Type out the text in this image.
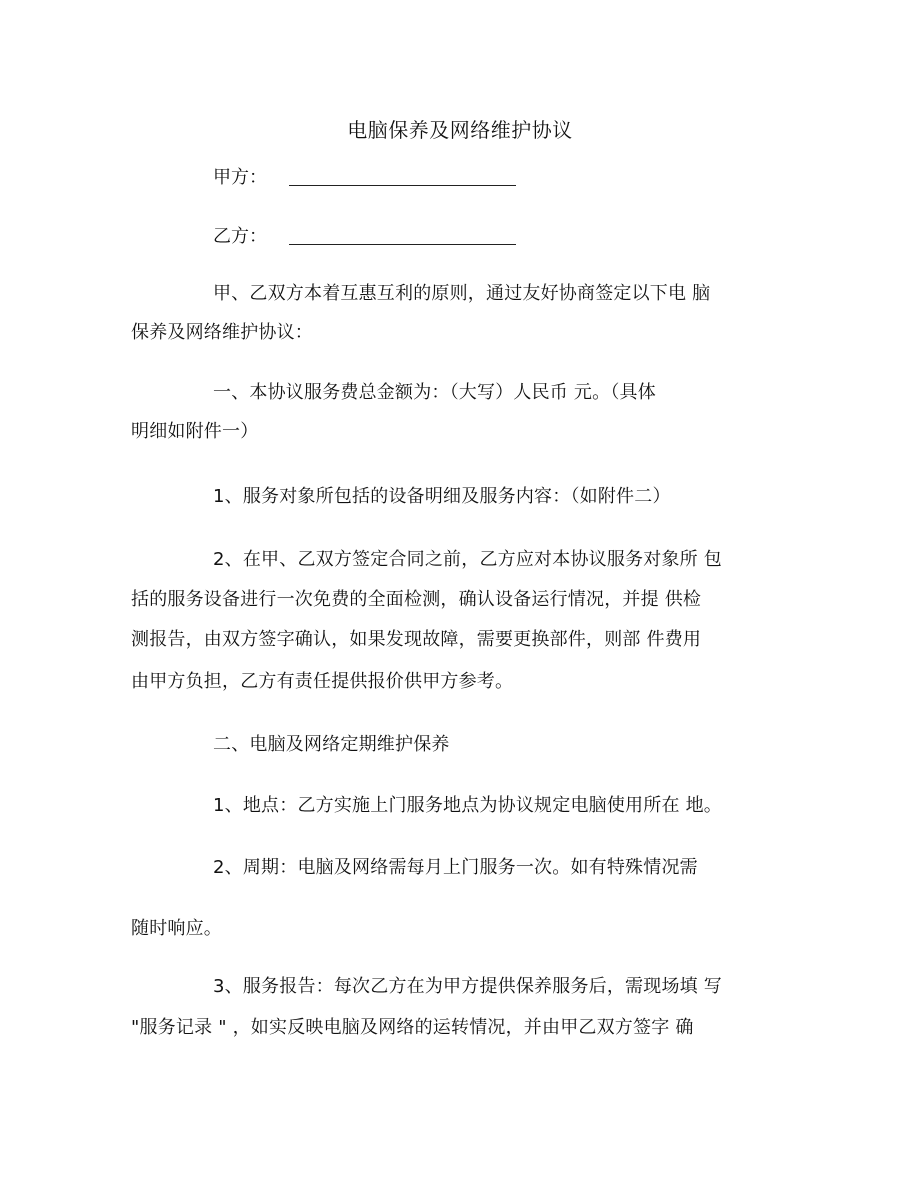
电脑保养及网络维护协议
甲方：
乙方：
甲、乙双方本着互惠互利的原则，通过友好协商签定以下电 脑
保养及网络维护协议：
一、本协议服务费总金额为：（大写）人民币 元。（具体
明细如附件一）
1、服务对象所包括的设备明细及服务内容：（如附件二）
2、在甲、乙双方签定合同之前，乙方应对本协议服务对象所 包
括的服务设备进行一次免费的全面检测，确认设备运行情况，并提 供检
测报告，由双方签字确认，如果发现故障，需要更换部件，则部 件费用
由甲方负担，乙方有责任提供报价供甲方参考。
二、电脑及网络定期维护保养
1、地点：乙方实施上门服务地点为协议规定电脑使用所在 地。
2、周期：电脑及网络需每月上门服务一次。如有特殊情况需
随时响应。
3、服务报告：每次乙方在为甲方提供保养服务后，需现场填 写
"服务记录 " ，如实反映电脑及网络的运转情况，并由甲乙双方签字 确
